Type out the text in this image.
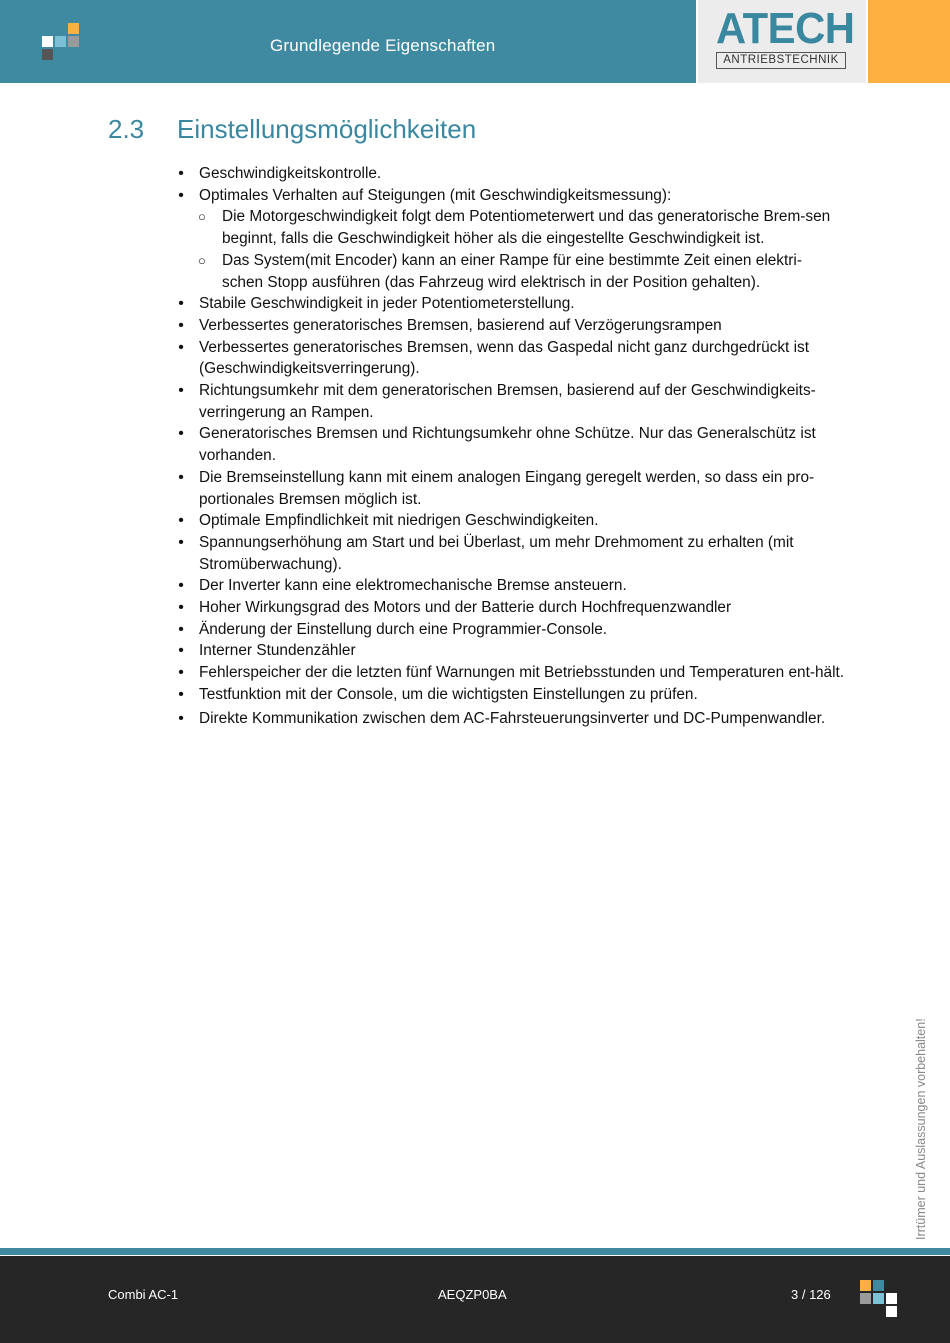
Grundlegende Eigenschaften	ATECH
ANTRIEBSTECHNIK
2.3 Einstellungsmöglichkeiten
• Geschwindigkeitskontrolle.
• Optimales Verhalten auf Steigungen (mit Geschwindigkeitsmessung):
○ Die Motorgeschwindigkeit folgt dem Potentiometerwert und das generatorische Brem-sen beginnt, falls die Geschwindigkeit höher als die eingestellte Geschwindigkeit ist.
○ Das System(mit Encoder) kann an einer Rampe für eine bestimmte Zeit einen elektri-schen Stopp ausführen (das Fahrzeug wird elektrisch in der Position gehalten).
• Stabile Geschwindigkeit in jeder Potentiometerstellung.
• Verbessertes generatorisches Bremsen, basierend auf Verzögerungsrampen
• Verbessertes generatorisches Bremsen, wenn das Gaspedal nicht ganz durchgedrückt ist (Geschwindigkeitsverringerung).
• Richtungsumkehr mit dem generatorischen Bremsen, basierend auf der Geschwindigkeits-verringerung an Rampen.
• Generatorisches Bremsen und Richtungsumkehr ohne Schütze. Nur das Generalschütz ist vorhanden.
• Die Bremseinstellung kann mit einem analogen Eingang geregelt werden, so dass ein pro-portionales Bremsen möglich ist.
• Optimale Empfindlichkeit mit niedrigen Geschwindigkeiten.
• Spannungserhöhung am Start und bei Überlast, um mehr Drehmoment zu erhalten (mit Stromüberwachung).
• Der Inverter kann eine elektromechanische Bremse ansteuern.
• Hoher Wirkungsgrad des Motors und der Batterie durch Hochfrequenzwandler
• Änderung der Einstellung durch eine Programmier-Console.
• Interner Stundenzähler
• Fehlerspeicher der die letzten fünf Warnungen mit Betriebsstunden und Temperaturen ent-hält.
• Testfunktion mit der Console, um die wichtigsten Einstellungen zu prüfen.
• Direkte Kommunikation zwischen dem AC-Fahrsteuerungsinverter und DC-Pumpenwandler.
Irrtümer und Auslassungen vorbehalten!
Combi AC-1	AEQZP0BA	3 / 126
